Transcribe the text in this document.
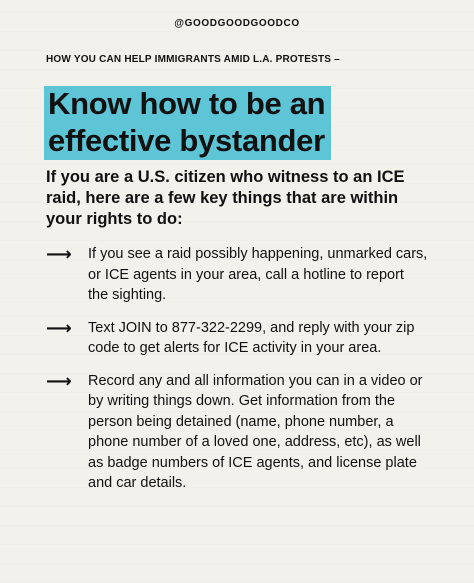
@GOODGOODGOODCO
HOW YOU CAN HELP IMMIGRANTS AMID L.A. PROTESTS –
Know how to be an
effective bystander

If you are a U.S. citizen who witness to an ICE raid, here are a few key things that are within your rights to do:

⟶	If you see a raid possibly happening, unmarked cars, or ICE agents in your area, call a hotline to report the sighting.
⟶	Text JOIN to 877-322-2299, and reply with your zip code to get alerts for ICE activity in your area.
⟶	Record any and all information you can in a video or by writing things down. Get information from the person being detained (name, phone number, a phone number of a loved one, address, etc), as well as badge numbers of ICE agents, and license plate and car details.
